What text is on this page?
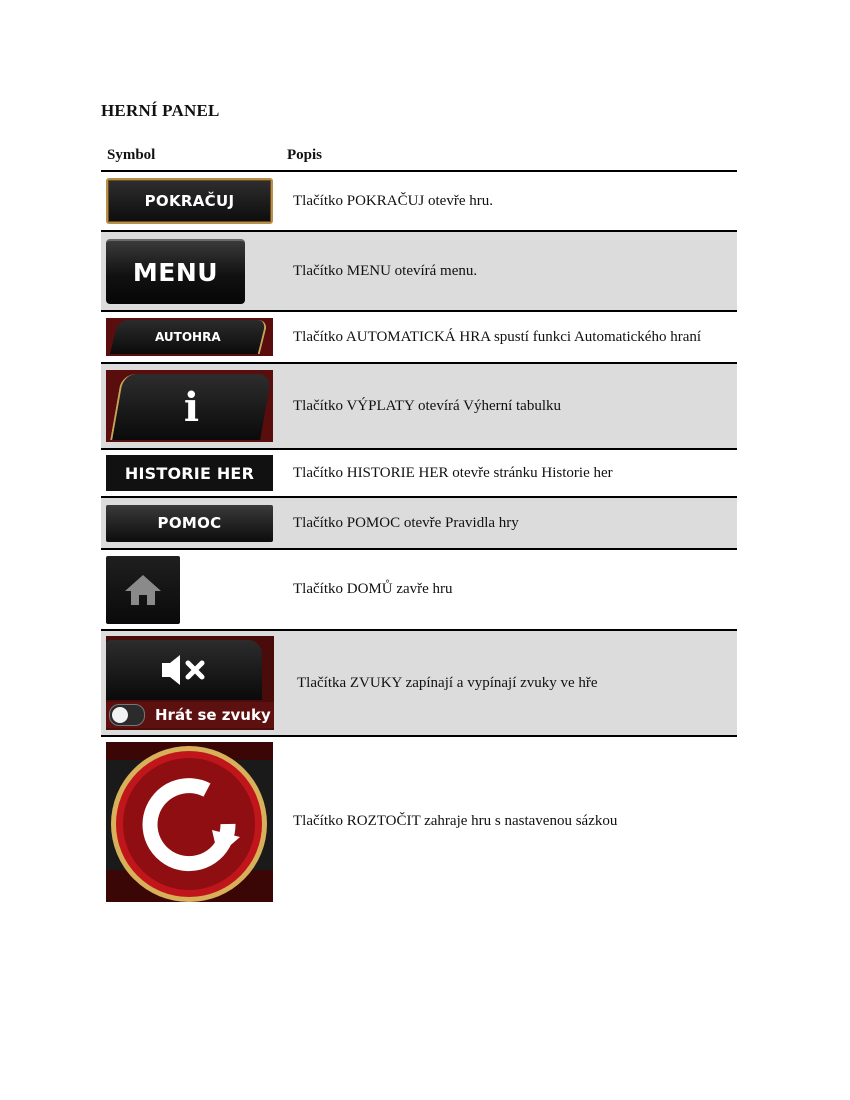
HERNÍ PANEL
Symbol	Popis

POKRAČUJ	Tlačítko POKRAČUJ otevře hru.

MENU	Tlačítko MENU otevírá menu.

AUTOHRA	Tlačítko AUTOMATICKÁ HRA spustí funkci Automatického hraní

i	Tlačítko VÝPLATY otevírá Výherní tabulku

HISTORIE HER	Tlačítko HISTORIE HER otevře stránku Historie her

POMOC	Tlačítko POMOC otevře Pravidla hry

	Tlačítko DOMŮ zavře hru

Hrát se zvuky	Tlačítka ZVUKY zapínají a vypínají zvuky ve hře

	Tlačítko ROZTOČIT zahraje hru s nastavenou sázkou
